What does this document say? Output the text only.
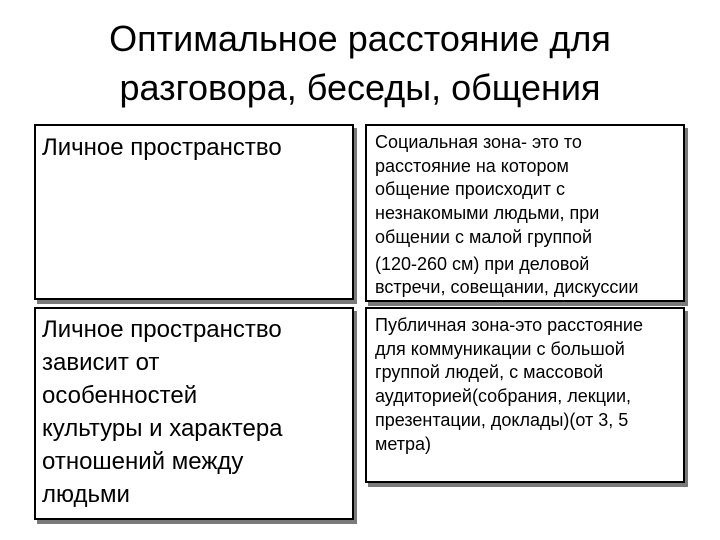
Оптимальное расстояние для
разговора, беседы, общения
Личное пространство	Социальная зона- это то
расстояние на котором
общение происходит с
незнакомыми людьми, при
общении с малой группой
(120-260 см) при деловой
встречи, совещании, дискуссии
Личное пространство
зависит от
особенностей
культуры и характера
отношений между
людьми
Публичная зона-это расстояние
для коммуникации с большой
группой людей, с массовой
аудиторией(собрания, лекции,
презентации, доклады)(от 3, 5
метра)
